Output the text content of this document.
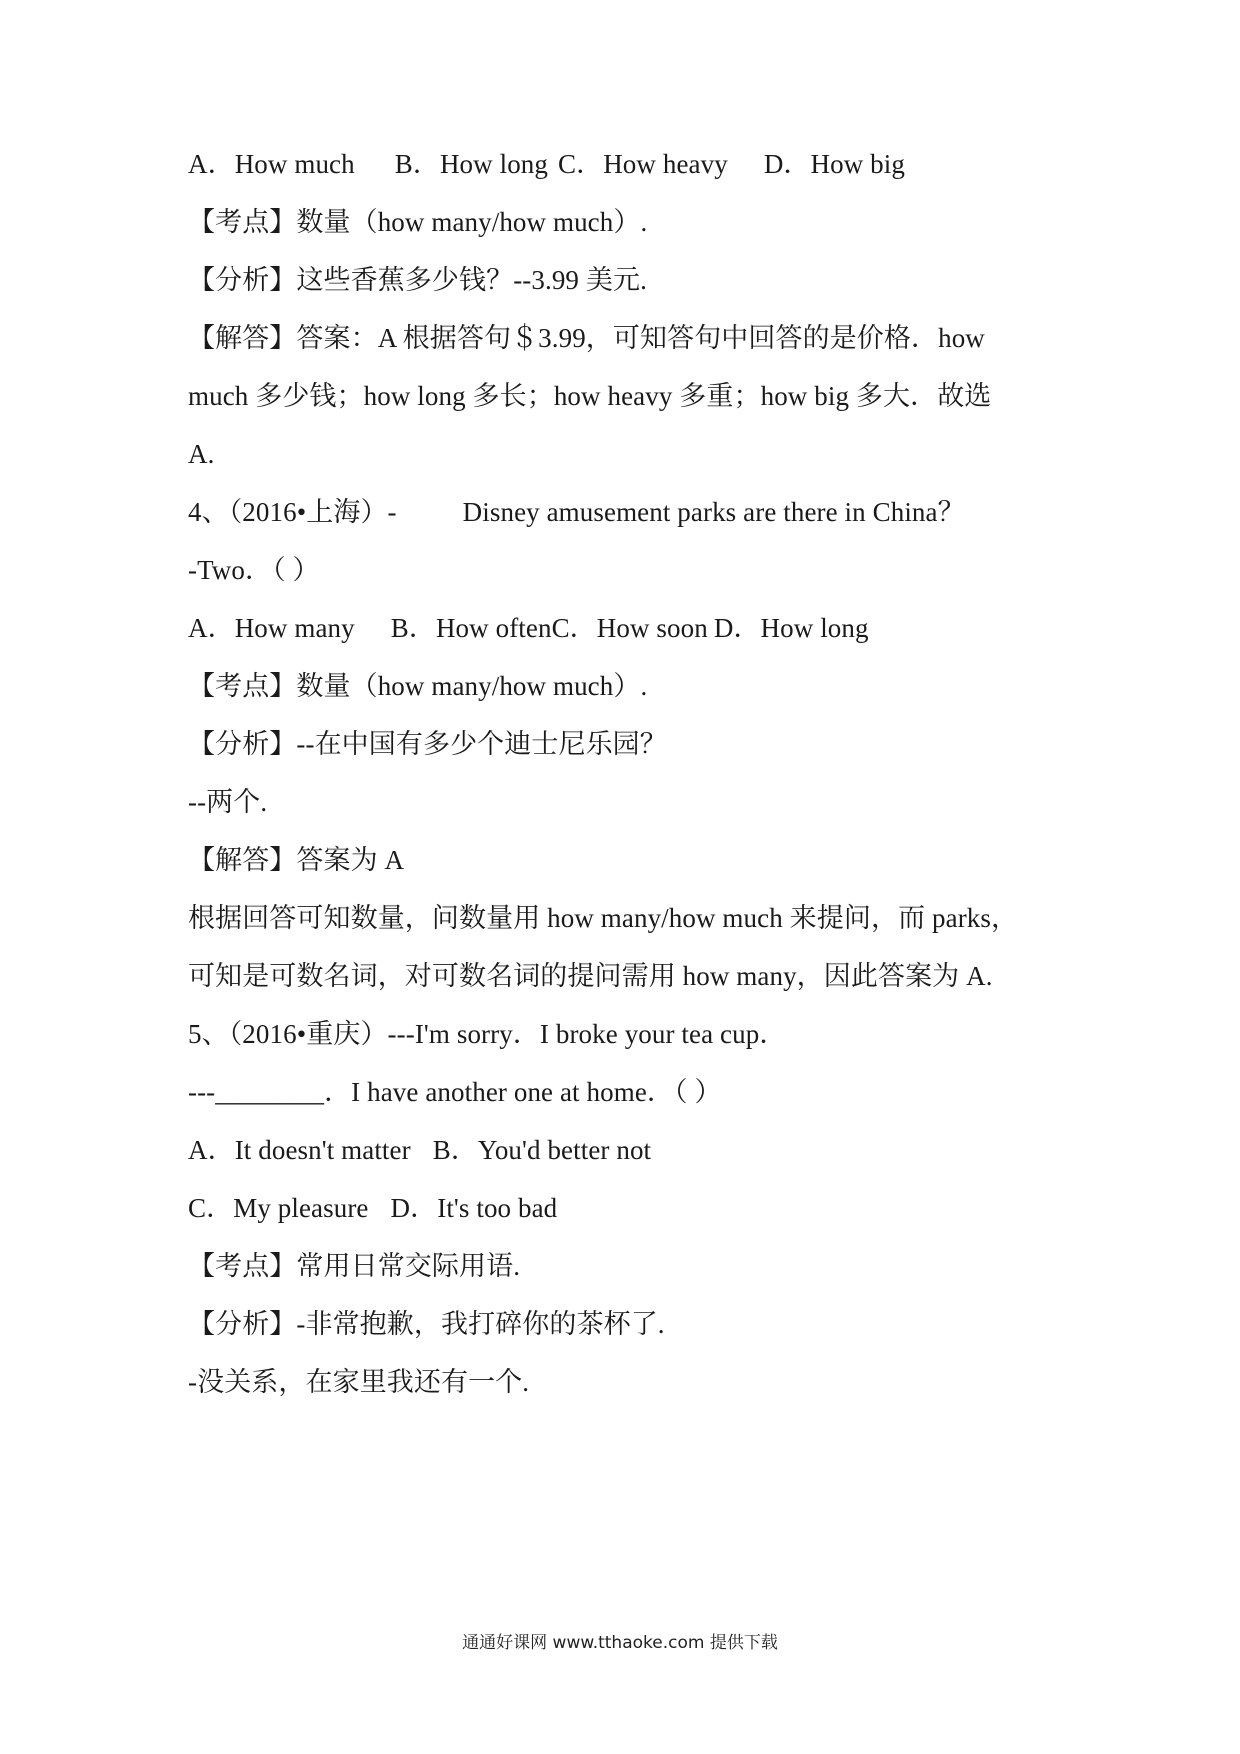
A．How much B．How long C．How heavy D．How big
【考点】数量（how many/how much）.
【分析】这些香蕉多少钱？--3.99 美元.
【解答】答案：A 根据答句＄3.99，可知答句中回答的是价格．how
much 多少钱；how long 多长；how heavy 多重；how big 多大．故选
A.
4、（2016•上海）- Disney amusement parks are there in China？
-Two．（ ）
A．How many B．How oftenC．How soon D．How long
【考点】数量（how many/how much）.
【分析】--在中国有多少个迪士尼乐园？
--两个.
【解答】答案为 A
根据回答可知数量，问数量用 how many/how much 来提问，而 parks，
可知是可数名词，对可数名词的提问需用 how many，因此答案为 A.
5、（2016•重庆）---I'm sorry．I broke your tea cup．
---________．I have another one at home．（ ）
A．It doesn't matter B．You'd better not
C．My pleasure D．It's too bad
【考点】常用日常交际用语.
【分析】-非常抱歉，我打碎你的茶杯了.
-没关系，在家里我还有一个.
通通好课网 www.tthaoke.com 提供下载
